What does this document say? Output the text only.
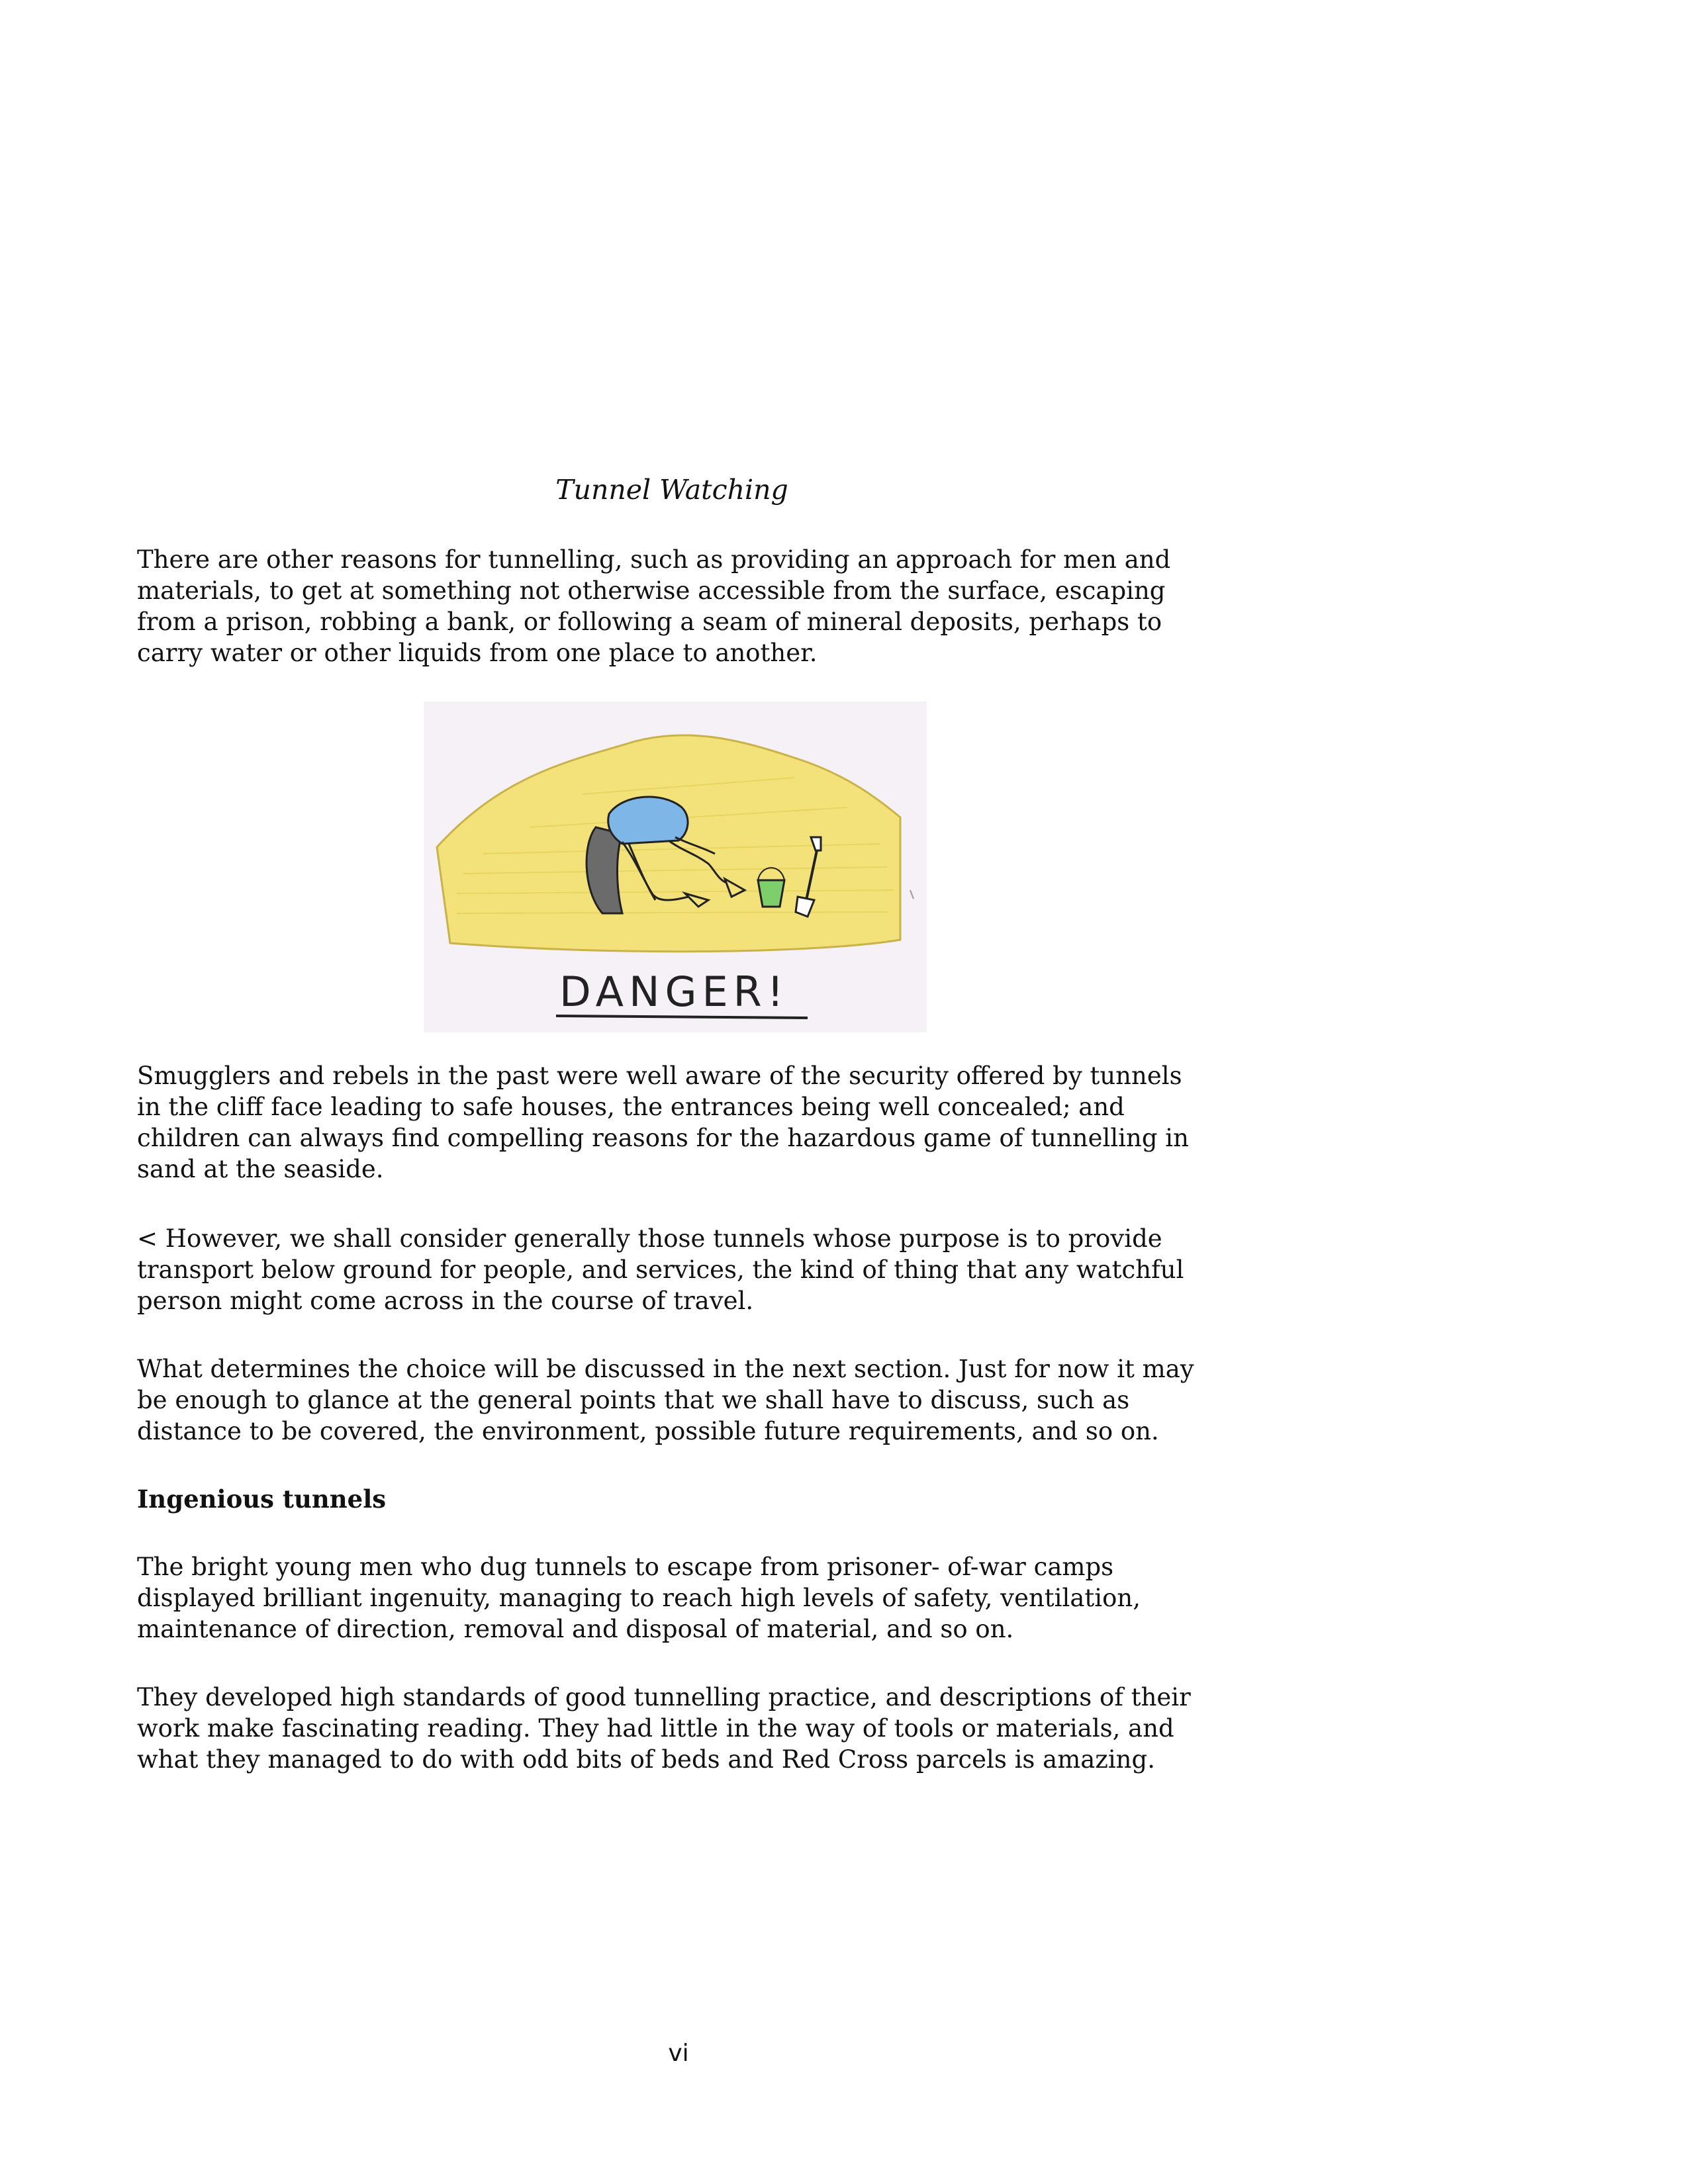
Tunnel Watching

There are other reasons for tunnelling, such as providing an approach for men and materials, to get at something not otherwise accessible from the surface, escaping from a prison, robbing a bank, or following a seam of mineral deposits, perhaps to carry water or other liquids from one place to another.

DANGER!

Smugglers and rebels in the past were well aware of the security offered by tunnels in the cliff face leading to safe houses, the entrances being well concealed; and children can always find compelling reasons for the hazardous game of tunnelling in sand at the seaside.

< However, we shall consider generally those tunnels whose purpose is to provide transport below ground for people, and services, the kind of thing that any watchful person might come across in the course of travel.

What determines the choice will be discussed in the next section. Just for now it may be enough to glance at the general points that we shall have to discuss, such as distance to be covered, the environment, possible future requirements, and so on.

Ingenious tunnels

The bright young men who dug tunnels to escape from prisoner- of-war camps displayed brilliant ingenuity, managing to reach high levels of safety, ventilation, maintenance of direction, removal and disposal of material, and so on.

They developed high standards of good tunnelling practice, and descriptions of their work make fascinating reading. They had little in the way of tools or materials, and what they managed to do with odd bits of beds and Red Cross parcels is amazing.

vi
